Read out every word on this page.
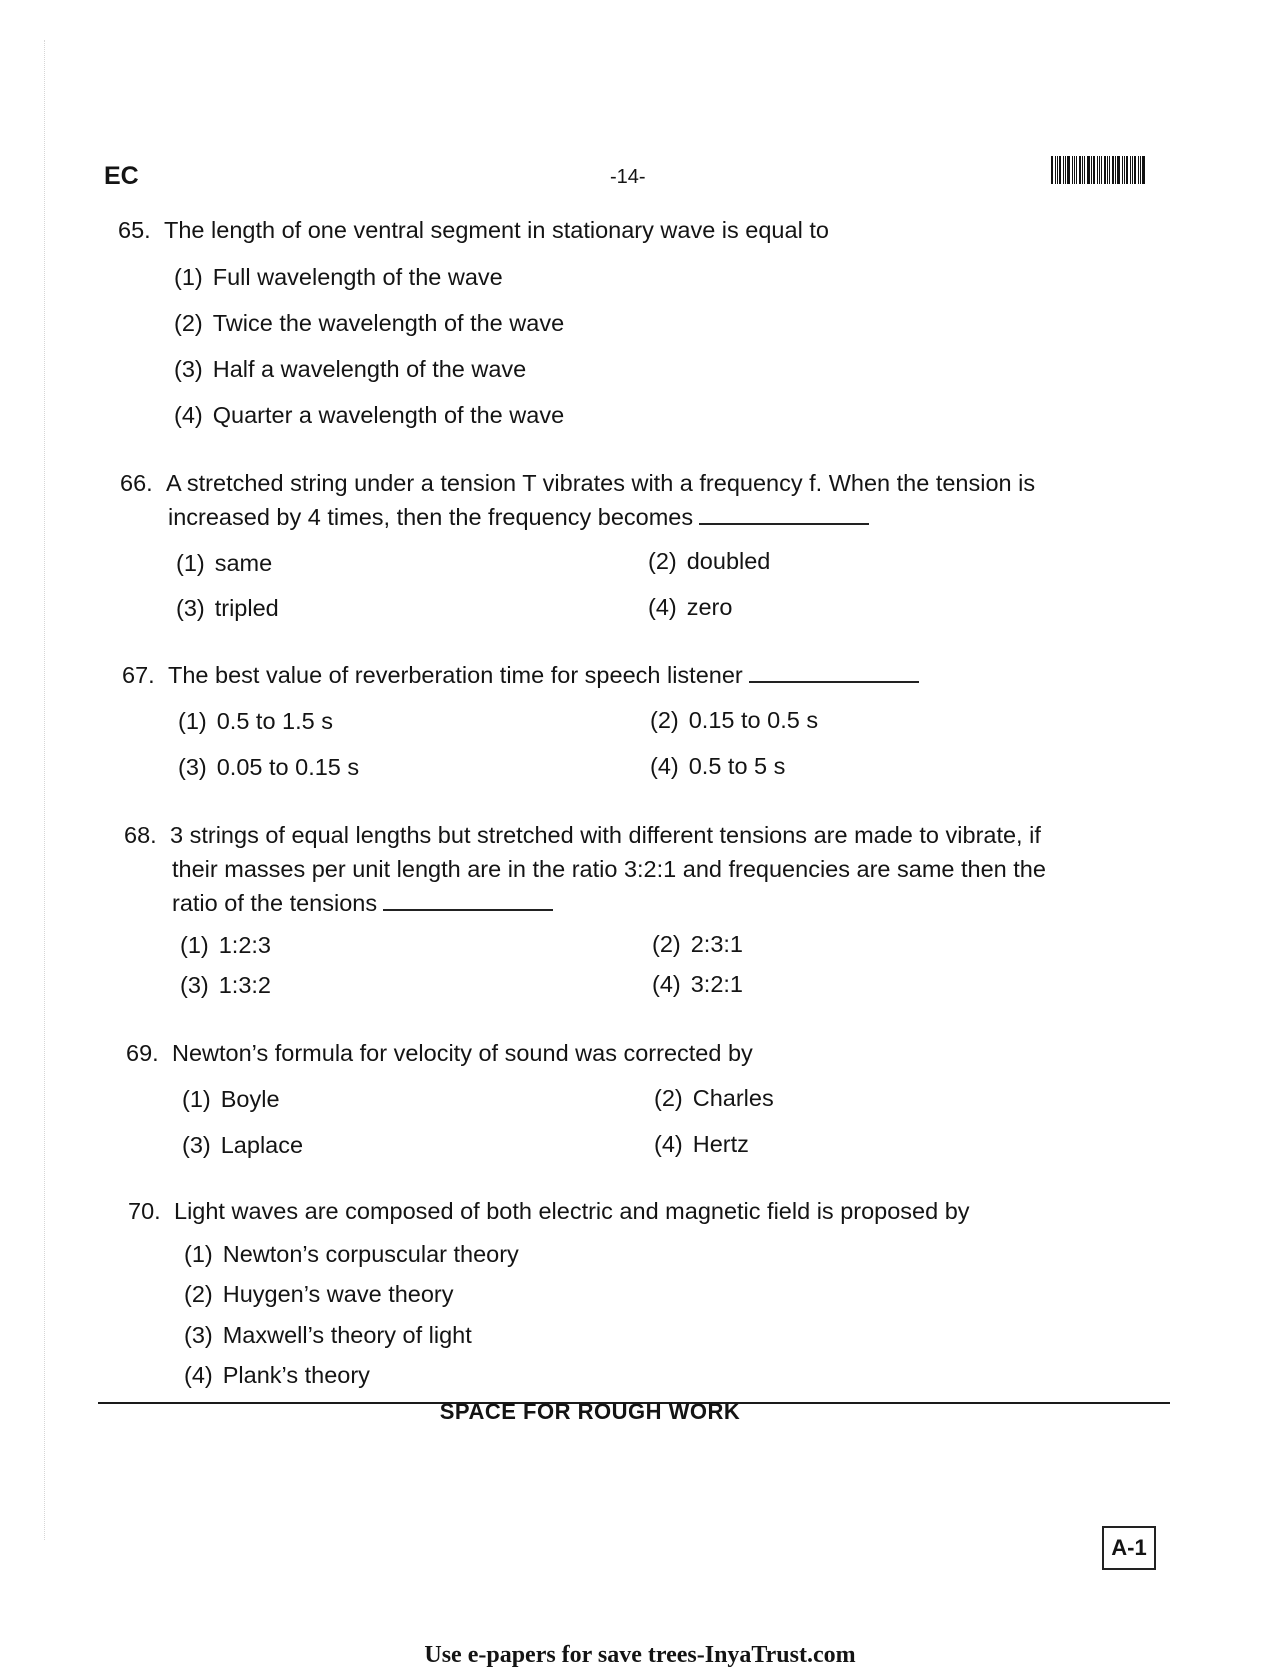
EC	-14-
65. The length of one ventral segment in stationary wave is equal to
(1) Full wavelength of the wave
(2) Twice the wavelength of the wave
(3) Half a wavelength of the wave
(4) Quarter a wavelength of the wave
66. A stretched string under a tension T vibrates with a frequency f. When the tension is
increased by 4 times, then the frequency becomes
(1) same	(2) doubled
(3) tripled	(4) zero
67. The best value of reverberation time for speech listener
(1) 0.5 to 1.5 s	(2) 0.15 to 0.5 s
(3) 0.05 to 0.15 s	(4) 0.5 to 5 s
68. 3 strings of equal lengths but stretched with different tensions are made to vibrate, if
their masses per unit length are in the ratio 3:2:1 and frequencies are same then the
ratio of the tensions
(1) 1:2:3	(2) 2:3:1
(3) 1:3:2	(4) 3:2:1
69. Newton’s formula for velocity of sound was corrected by
(1) Boyle	(2) Charles
(3) Laplace	(4) Hertz
70. Light waves are composed of both electric and magnetic field is proposed by
(1) Newton’s corpuscular theory
(2) Huygen’s wave theory
(3) Maxwell’s theory of light
(4) Plank’s theory
SPACE FOR ROUGH WORK
A-1
Use e-papers for save trees-InyaTrust.com
